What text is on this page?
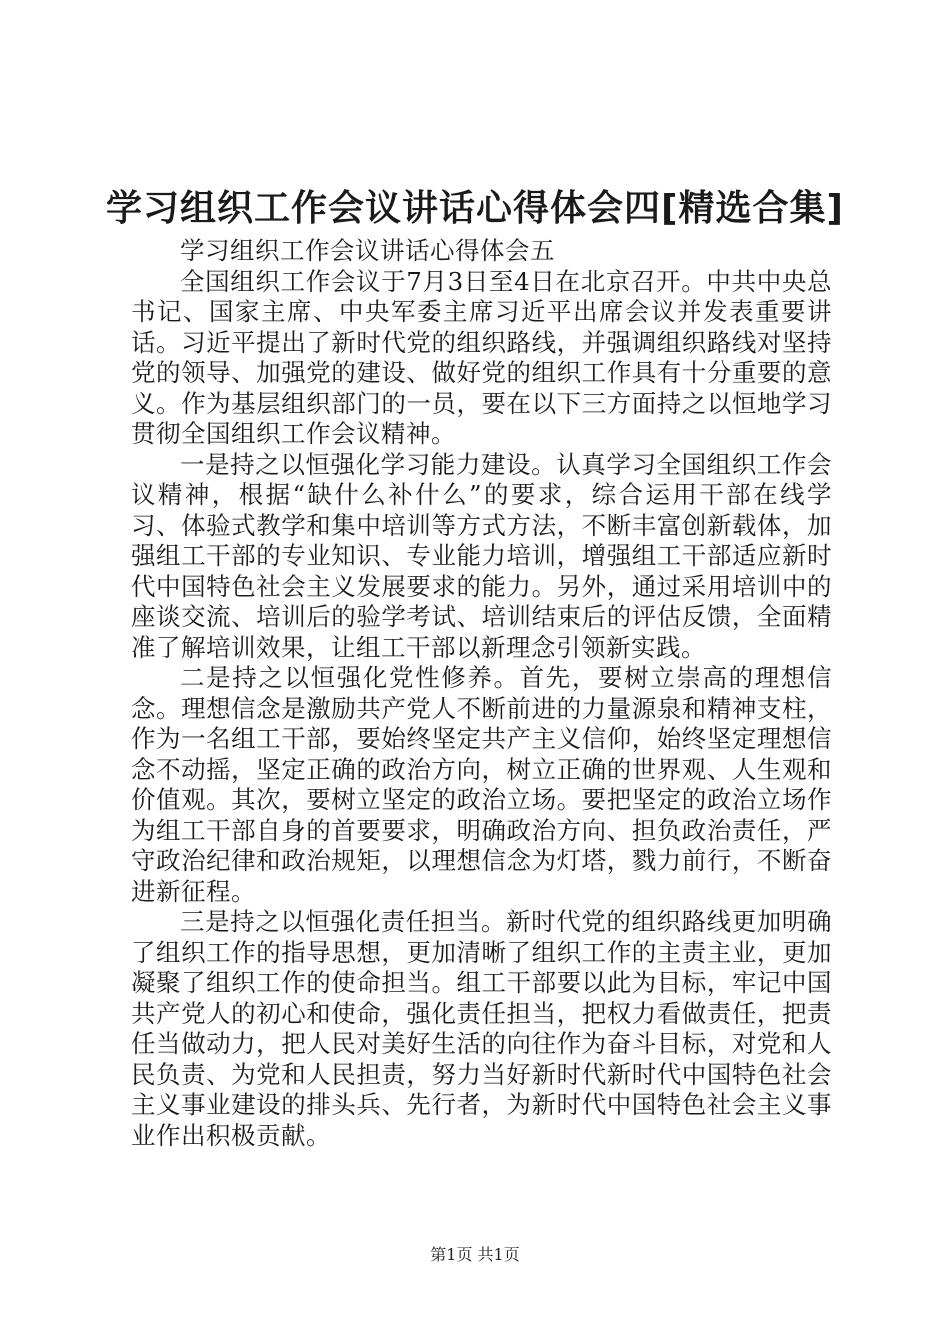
学习组织工作会议讲话心得体会四[精选合集]

学习组织工作会议讲话心得体会五

全国组织工作会议于7月3日至4日在北京召开。中共中央总书记、国家主席、中央军委主席习近平出席会议并发表重要讲话。习近平提出了新时代党的组织路线，并强调组织路线对坚持党的领导、加强党的建设、做好党的组织工作具有十分重要的意义。作为基层组织部门的一员，要在以下三方面持之以恒地学习贯彻全国组织工作会议精神。

一是持之以恒强化学习能力建设。认真学习全国组织工作会议精神，根据“缺什么补什么”的要求，综合运用干部在线学习、体验式教学和集中培训等方式方法，不断丰富创新载体，加强组工干部的专业知识、专业能力培训，增强组工干部适应新时代中国特色社会主义发展要求的能力。另外，通过采用培训中的座谈交流、培训后的验学考试、培训结束后的评估反馈，全面精准了解培训效果，让组工干部以新理念引领新实践。

二是持之以恒强化党性修养。首先，要树立崇高的理想信念。理想信念是激励共产党人不断前进的力量源泉和精神支柱，作为一名组工干部，要始终坚定共产主义信仰，始终坚定理想信念不动摇，坚定正确的政治方向，树立正确的世界观、人生观和价值观。其次，要树立坚定的政治立场。要把坚定的政治立场作为组工干部自身的首要要求，明确政治方向、担负政治责任，严守政治纪律和政治规矩，以理想信念为灯塔，戮力前行，不断奋进新征程。

三是持之以恒强化责任担当。新时代党的组织路线更加明确了组织工作的指导思想，更加清晰了组织工作的主责主业，更加凝聚了组织工作的使命担当。组工干部要以此为目标，牢记中国共产党人的初心和使命，强化责任担当，把权力看做责任，把责任当做动力，把人民对美好生活的向往作为奋斗目标，对党和人民负责、为党和人民担责，努力当好新时代新时代中国特色社会主义事业建设的排头兵、先行者，为新时代中国特色社会主义事业作出积极贡献。

第1页 共1页
